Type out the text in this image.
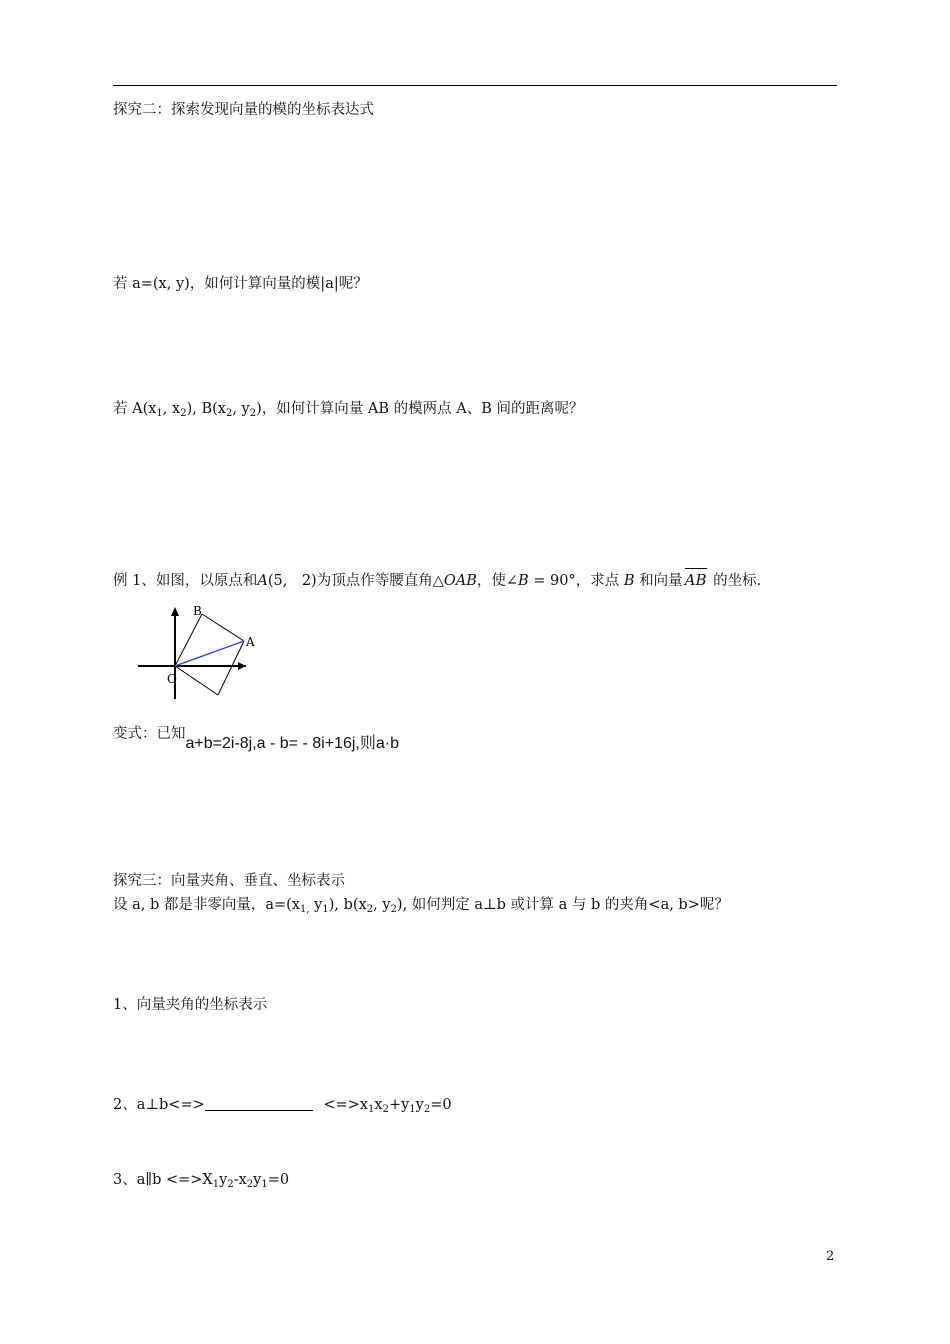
探究二：探索发现向量的模的坐标表达式
若 a=(x, y)，如何计算向量的模|a|呢？
若 $A(x_1$, $x_2$), $B(x_2$, $y_2$)，如何计算向量 AB 的模两点 A、B 间的距离呢？
例 1、如图，以原点和A(5,　2)为顶点作等腰直角△OAB，使∠B = 90°，求点 B 和向量 AB 的坐标.
B
A
O
变式：已知a+b=2i-8j,a - b= - 8i+16j,则a·b
探究三：向量夹角、垂直、坐标表示
设 a, b 都是非零向量，$a=(x_{1,}$ $y_1$), $b(x_2$, $y_2$), 如何判定 a⊥b 或计算 a 与 b 的夹角<a, b>呢？
1、向量夹角的坐标表示
2、a⊥b<=>	$<=>x_1x_2+y_1y_2=0$
3、a∥b $<=>X_1y_2-x_2y_1=0$
2
